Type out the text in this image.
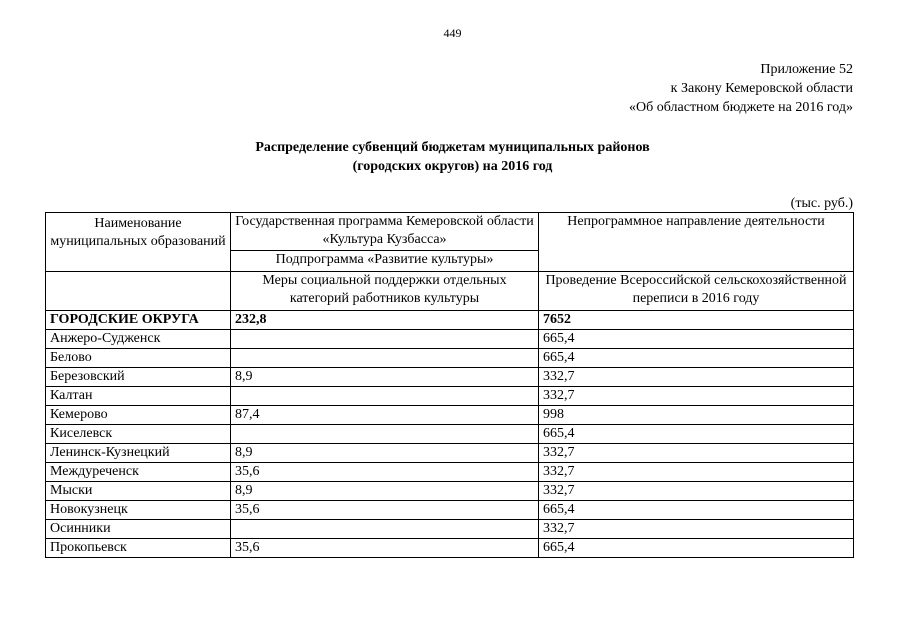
449
Приложение 52
к Закону Кемеровской области
«Об областном бюджете на 2016 год»
Распределение субвенций бюджетам муниципальных районов
(городских округов) на 2016 год
(тыс. руб.)
Наименование муниципальных образований	Государственная программа Кемеровской области «Культура Кузбасса»	Непрограммное направление деятельности
	Подпрограмма «Развитие культуры»	
	Меры социальной поддержки отдельных категорий работников культуры	Проведение Всероссийской сельскохозяйственной переписи в 2016 году
ГОРОДСКИЕ ОКРУГА	232,8	7652
Анжеро-Судженск		665,4
Белово		665,4
Березовский	8,9	332,7
Калтан		332,7
Кемерово	87,4	998
Киселевск		665,4
Ленинск-Кузнецкий	8,9	332,7
Междуреченск	35,6	332,7
Мыски	8,9	332,7
Новокузнецк	35,6	665,4
Осинники		332,7
Прокопьевск	35,6	665,4
